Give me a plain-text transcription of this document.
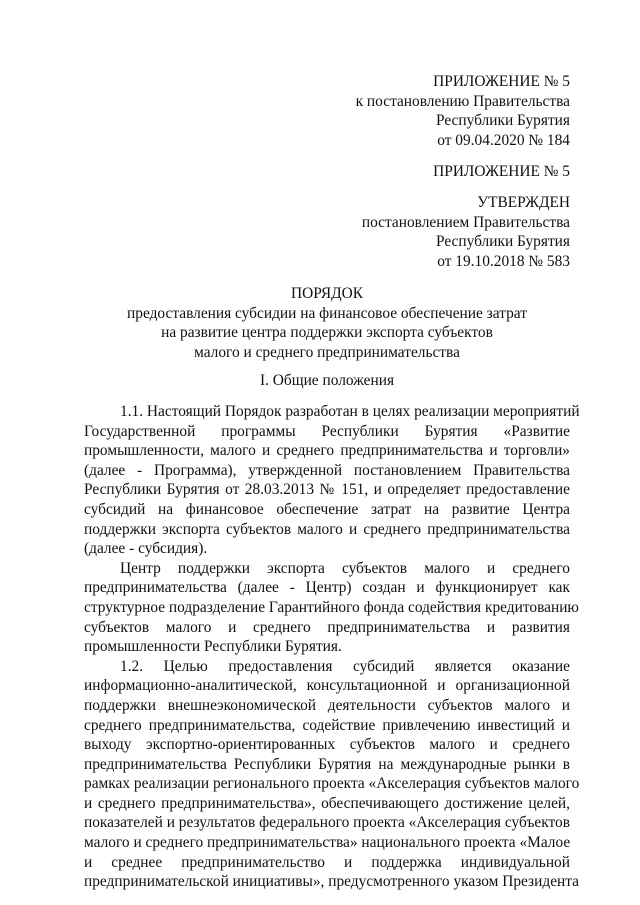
ПРИЛОЖЕНИЕ № 5
к постановлению Правительства
Республики Бурятия
от 09.04.2020 № 184
ПРИЛОЖЕНИЕ № 5
УТВЕРЖДЕН
постановлением Правительства
Республики Бурятия
от 19.10.2018 № 583
ПОРЯДОК
предоставления субсидии на финансовое обеспечение затрат
на развитие центра поддержки экспорта субъектов
малого и среднего предпринимательства
I. Общие положения
1.1. Настоящий Порядок разработан в целях реализации мероприятий
Государственной программы Республики Бурятия «Развитие
промышленности, малого и среднего предпринимательства и торговли»
(далее - Программа), утвержденной постановлением Правительства
Республики Бурятия от 28.03.2013 № 151, и определяет предоставление
субсидий на финансовое обеспечение затрат на развитие Центра
поддержки экспорта субъектов малого и среднего предпринимательства
(далее - субсидия).
Центр поддержки экспорта субъектов малого и среднего
предпринимательства (далее - Центр) создан и функционирует как
структурное подразделение Гарантийного фонда содействия кредитованию
субъектов малого и среднего предпринимательства и развития
промышленности Республики Бурятия.
1.2. Целью предоставления субсидий является оказание
информационно-аналитической, консультационной и организационной
поддержки внешнеэкономической деятельности субъектов малого и
среднего предпринимательства, содействие привлечению инвестиций и
выходу экспортно-ориентированных субъектов малого и среднего
предпринимательства Республики Бурятия на международные рынки в
рамках реализации регионального проекта «Акселерация субъектов малого
и среднего предпринимательства», обеспечивающего достижение целей,
показателей и результатов федерального проекта «Акселерация субъектов
малого и среднего предпринимательства» национального проекта «Малое
и среднее предпринимательство и поддержка индивидуальной
предпринимательской инициативы», предусмотренного указом Президента
